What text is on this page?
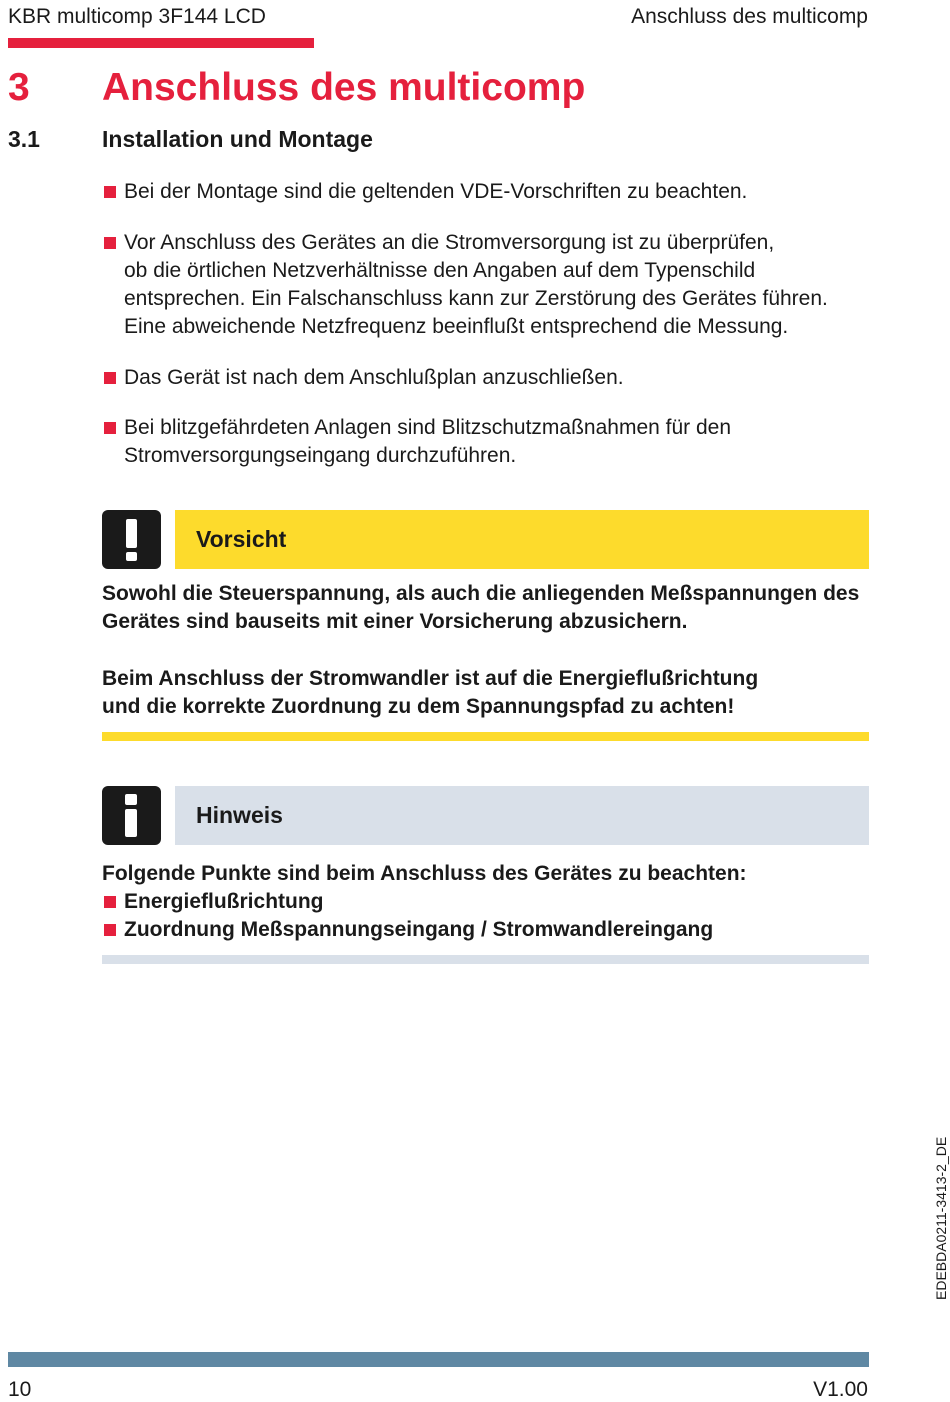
KBR multicomp 3F144 LCD	Anschluss des multicomp
3 Anschluss des multicomp
3.1	Installation und Montage
Bei der Montage sind die geltenden VDE-Vorschriften zu beachten.
Vor Anschluss des Gerätes an die Stromversorgung ist zu überprüfen,
ob die örtlichen Netzverhältnisse den Angaben auf dem Typenschild
entsprechen. Ein Falschanschluss kann zur Zerstörung des Gerätes führen.
Eine abweichende Netzfrequenz beeinflußt entsprechend die Messung.
Das Gerät ist nach dem Anschlußplan anzuschließen.
Bei blitzgefährdeten Anlagen sind Blitzschutzmaßnahmen für den
Stromversorgungseingang durchzuführen.
Vorsicht
Sowohl die Steuerspannung, als auch die anliegenden Meßspannungen des
Gerätes sind bauseits mit einer Vorsicherung abzusichern.
Beim Anschluss der Stromwandler ist auf die Energieflußrichtung
und die korrekte Zuordnung zu dem Spannungspfad zu achten!
Hinweis
Folgende Punkte sind beim Anschluss des Gerätes zu beachten:
Energieflußrichtung
Zuordnung Meßspannungseingang / Stromwandlereingang
EDEBDA0211-3413-2_DE
10	V1.00
